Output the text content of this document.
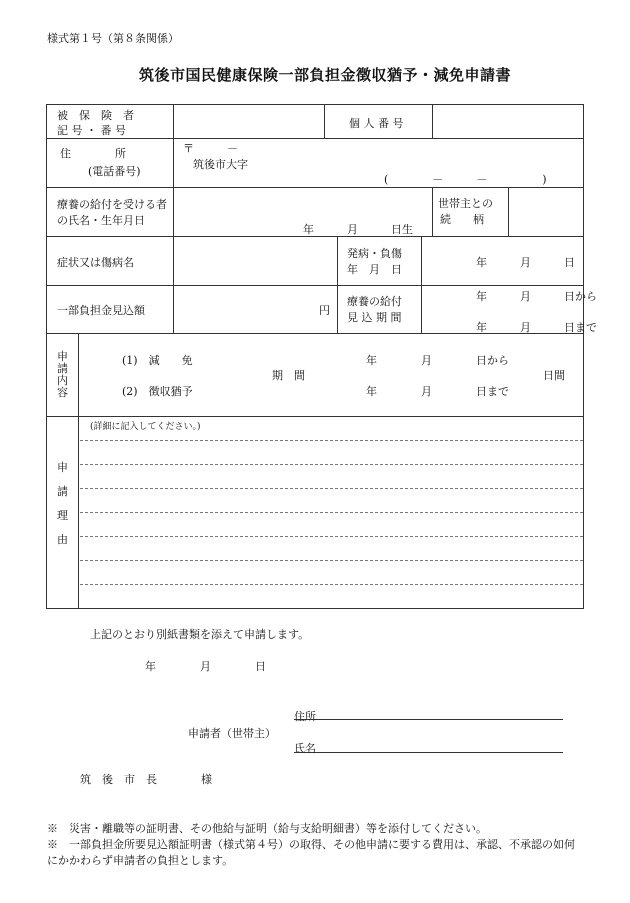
様式第１号（第８条関係）
筑後市国民健康保険一部負担金徴収猶予・減免申請書
被　保　険　者
記 号 ・ 番 号
個 人 番 号
住　　　　所
(電話番号)
〒　　　－
筑後市大字
(　　　　－　　　－　　　　　)
療養の給付を受ける者
の氏名・生年月日
年　　　月　　　日生
世帯主との
続　　柄
症状又は傷病名
発病・負傷
年　月　日
年　　　月　　　日
一部負担金見込額	円
療養の給付
見 込 期 間
年　　　月　　　日から
年　　　月　　　日まで
申請内容
(1)　減　　免
(2)　徴収猶予
期　間
年　　　　月　　　　日から
年　　　　月　　　　日まで
日間
申請理由
(詳細に記入してください。)
上記のとおり別紙書類を添えて申請します。
年　　　　月　　　　日
申請者（世帯主）
住所
氏名
筑　後　市　長　　　　様
※　災害・離職等の証明書、その他給与証明（給与支給明細書）等を添付してください。
※　一部負担金所要見込額証明書（様式第４号）の取得、その他申請に要する費用は、承認、不承認の如何
にかかわらず申請者の負担とします。
